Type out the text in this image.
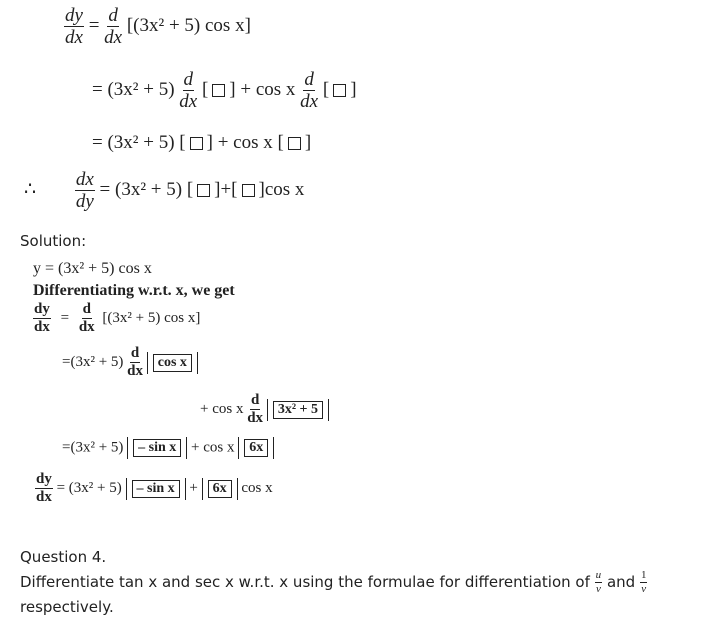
$\frac{dy}{dx} = \frac{d}{dx} [(3x^2 + 5)$ cos x]
= $(3x^2 + 5) \frac{d}{dx}$ [ ] + cos x $\frac{d}{dx}$ [ ]
= (3x² + 5) [ ] + cos x [ ]
∴ $\frac{dx}{dy} = (3x^2 + 5)$ [ ]+[ ]cos x
Solution:
y = (3x² + 5) cos x
Differentiating w.r.t. x, we get
$\frac{dy}{dx} = \frac{d}{dx} [(3x^2 + 5)$ cos x]
$=(3x^2 + 5) \frac{d}{dx}$ cos x
+ cos x $\frac{d}{dx} 3x^2 + 5$
=(3x² + 5) – sin x + cos x 6x
$\frac{dy}{dx} = (3x^2 + 5) - \sin x + 6x$ cos x
Question 4.
Differentiate tan x and sec x w.r.t. x using the formulae for differentiation of $\frac{u}{v}$ and $\frac{1}{v}$
respectively.
